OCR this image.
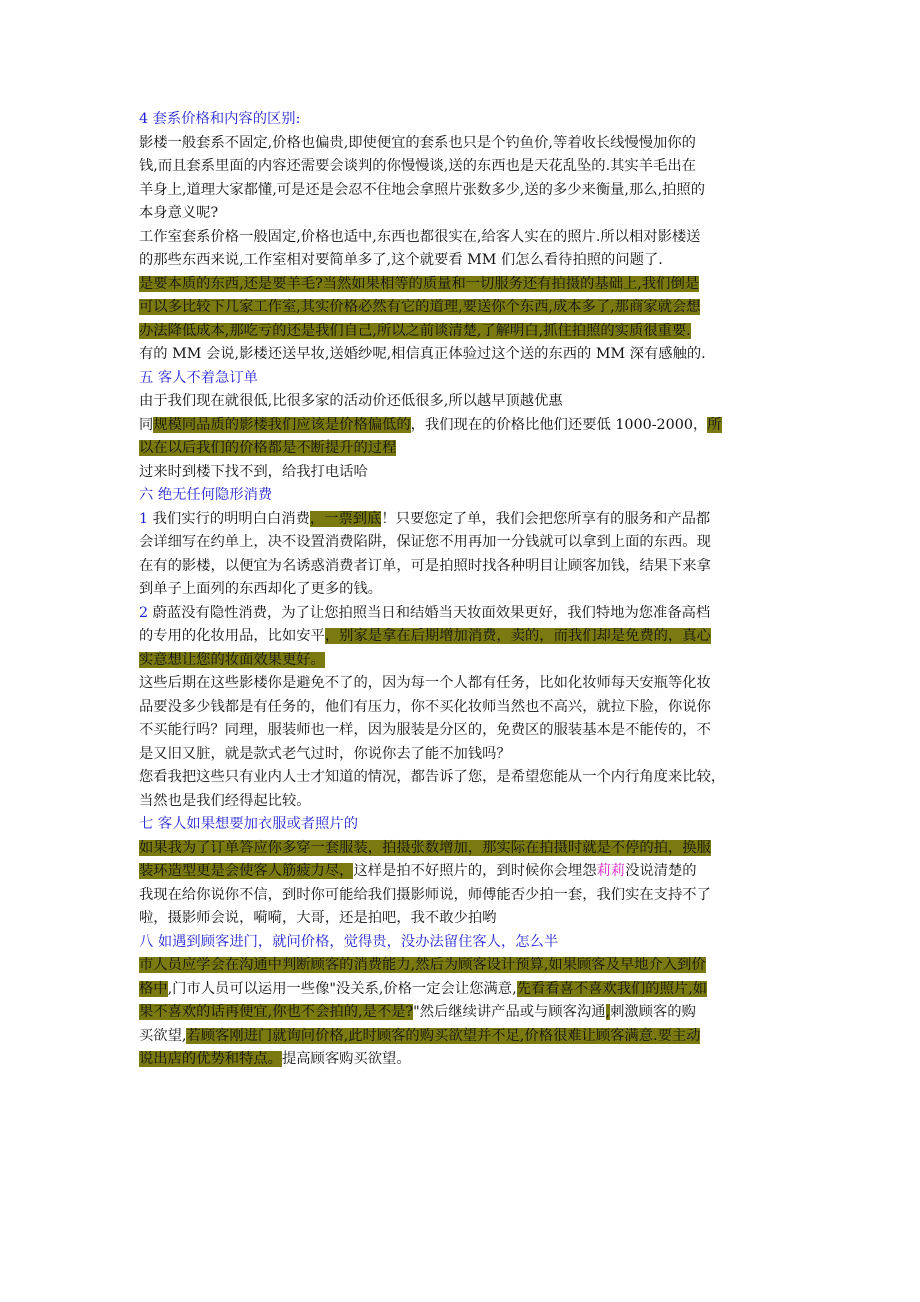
4 套系价格和内容的区别:
影楼一般套系不固定,价格也偏贵,即使便宜的套系也只是个钓鱼价,等着收长线慢慢加你的
钱,而且套系里面的内容还需要会谈判的你慢慢谈,送的东西也是天花乱坠的.其实羊毛出在
羊身上,道理大家都懂,可是还是会忍不住地会拿照片张数多少,送的多少来衡量,那么,拍照的
本身意义呢?
工作室套系价格一般固定,价格也适中,东西也都很实在,给客人实在的照片.所以相对影楼送
的那些东西来说,工作室相对要简单多了,这个就要看 MM 们怎么看待拍照的问题了.
是要本质的东西,还是要羊毛?当然如果相等的质量和一切服务还有拍摄的基础上,我们倒是
可以多比较下几家工作室,其实价格必然有它的道理,要送你个东西,成本多了,那商家就会想
办法降低成本,那吃亏的还是我们自己,所以之前谈清楚,了解明白,抓住拍照的实质很重要.
有的 MM 会说,影楼还送早妆,送婚纱呢,相信真正体验过这个送的东西的 MM 深有感触的.
五 客人不着急订单
由于我们现在就很低,比很多家的活动价还低很多,所以越早顶越优惠
同规模同品质的影楼我们应该是价格偏低的，我们现在的价格比他们还要低 1000-2000，所
以在以后我们的价格都是不断提升的过程
过来时到楼下找不到，给我打电话哈
六 绝无任何隐形消费
1 我们实行的明明白白消费，一票到底！只要您定了单，我们会把您所享有的服务和产品都
会详细写在约单上，决不设置消费陷阱，保证您不用再加一分钱就可以拿到上面的东西。现
在有的影楼，以便宜为名诱惑消费者订单，可是拍照时找各种明目让顾客加钱，结果下来拿
到单子上面列的东西却化了更多的钱。
2 蔚蓝没有隐性消费，为了让您拍照当日和结婚当天妆面效果更好，我们特地为您准备高档
的专用的化妆用品，比如安平，别家是拿在后期增加消费，卖的，而我们却是免费的，真心
实意想让您的妆面效果更好。
这些后期在这些影楼你是避免不了的，因为每一个人都有任务，比如化妆师每天安瓶等化妆
品要没多少钱都是有任务的，他们有压力，你不买化妆师当然也不高兴，就拉下脸，你说你
不买能行吗？同理，服装师也一样，因为服装是分区的，免费区的服装基本是不能传的，不
是又旧又脏，就是款式老气过时，你说你去了能不加钱吗？
您看我把这些只有业内人士才知道的情况，都告诉了您，是希望您能从一个内行角度来比较，
当然也是我们经得起比较。
七 客人如果想要加衣服或者照片的
如果我为了订单答应你多穿一套服装，拍摄张数增加，那实际在拍摄时就是不停的拍，换服
装环造型更是会使客人筋疲力尽，这样是拍不好照片的，到时候你会埋怨莉莉没说清楚的
我现在给你说你不信，到时你可能给我们摄影师说，师傅能否少拍一套，我们实在支持不了
啦，摄影师会说，嗬嗬，大哥，还是拍吧，我不敢少拍哟
八 如遇到顾客进门，就问价格，觉得贵，没办法留住客人，怎么半
市人员应学会在沟通中判断顾客的消费能力,然后为顾客设计预算,如果顾客及早地介入到价
格中,门市人员可以运用一些像"没关系,价格一定会让您满意,先看看喜不喜欢我们的照片,如
果不喜欢的话再便宜,你也不会拍的,是不是?"然后继续讲产品或与顾客沟通,刺激顾客的购
买欲望,若顾客刚进门就询问价格,此时顾客的购买欲望并不足,价格很难让顾客满意.要主动
说出店的优势和特点。提高顾客购买欲望。
